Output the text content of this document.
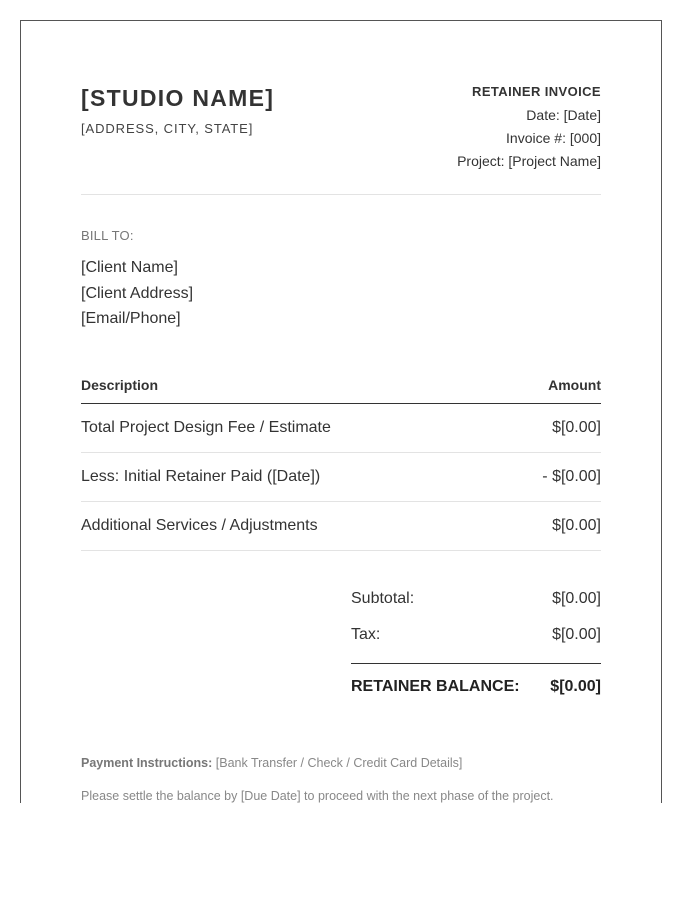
[STUDIO NAME]
[ADDRESS, CITY, STATE]
RETAINER INVOICE
Date: [Date]
Invoice #: [000]
Project: [Project Name]
BILL TO:
[Client Name]
[Client Address]
[Email/Phone]
Description	Amount
Total Project Design Fee / Estimate	$[0.00]
Less: Initial Retainer Paid ([Date])	- $[0.00]
Additional Services / Adjustments	$[0.00]
Subtotal:	$[0.00]
Tax:	$[0.00]
RETAINER BALANCE: $[0.00]
Payment Instructions: [Bank Transfer / Check / Credit Card Details]
Please settle the balance by [Due Date] to proceed with the next phase of the project.
